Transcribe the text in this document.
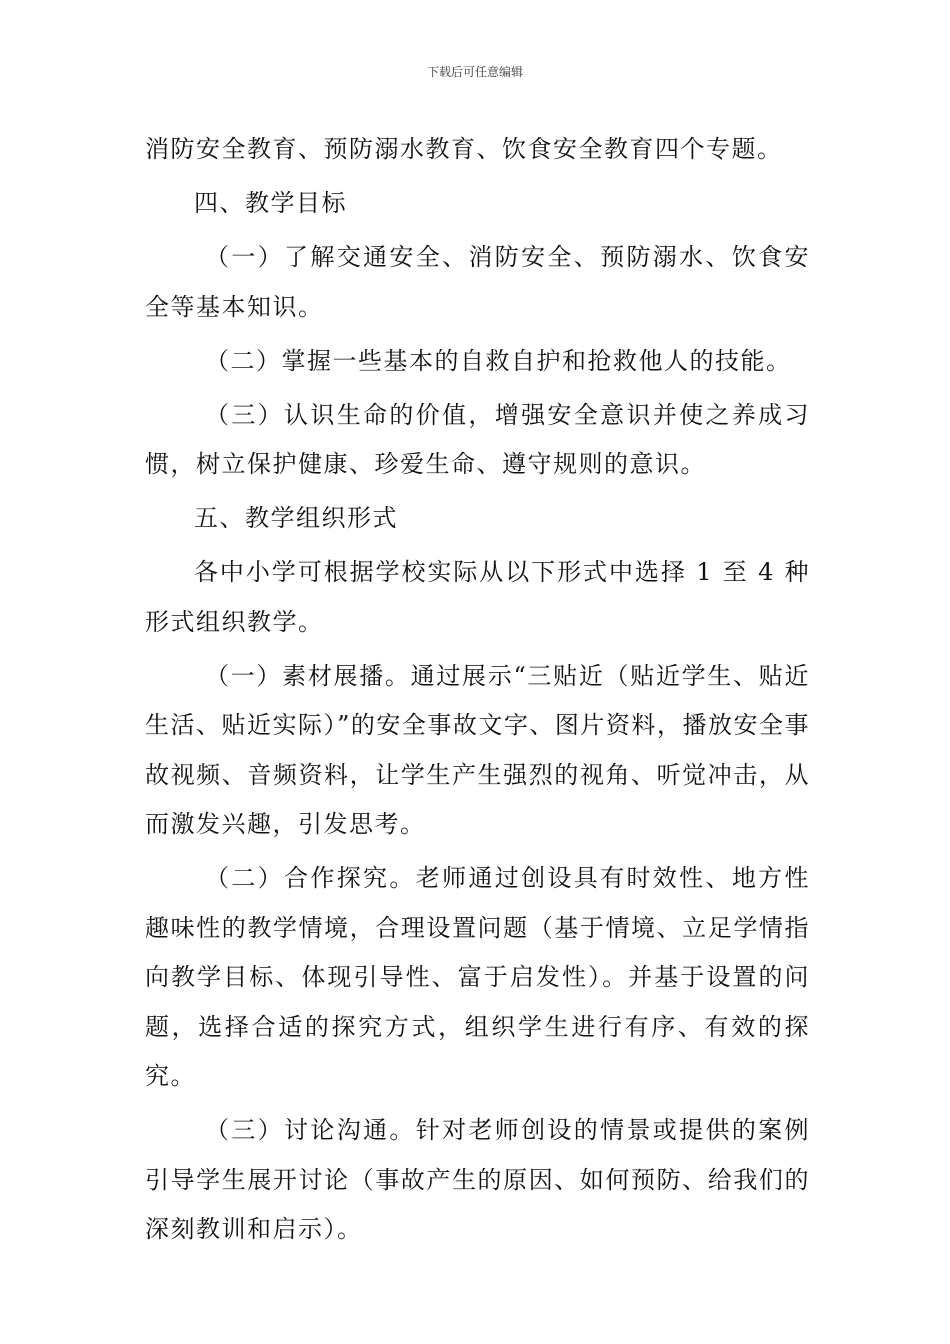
下载后可任意编辑

消防安全教育、预防溺水教育、饮食安全教育四个专题。

四、教学目标

（一）了解交通安全、消防安全、预防溺水、饮食安全等基本知识。

（二）掌握一些基本的自救自护和抢救他人的技能。

（三）认识生命的价值，增强安全意识并使之养成习惯，树立保护健康、珍爱生命、遵守规则的意识。

五、教学组织形式

各中小学可根据学校实际从以下形式中选择 1 至 4 种形式组织教学。

（一）素材展播。通过展示“三贴近（贴近学生、贴近生活、贴近实际）”的安全事故文字、图片资料，播放安全事故视频、音频资料，让学生产生强烈的视角、听觉冲击，从而激发兴趣，引发思考。

（二）合作探究。老师通过创设具有时效性、地方性趣味性的教学情境，合理设置问题（基于情境、立足学情指向教学目标、体现引导性、富于启发性）。并基于设置的问题，选择合适的探究方式，组织学生进行有序、有效的探究。

（三）讨论沟通。针对老师创设的情景或提供的案例引导学生展开讨论（事故产生的原因、如何预防、给我们的深刻教训和启示）。
